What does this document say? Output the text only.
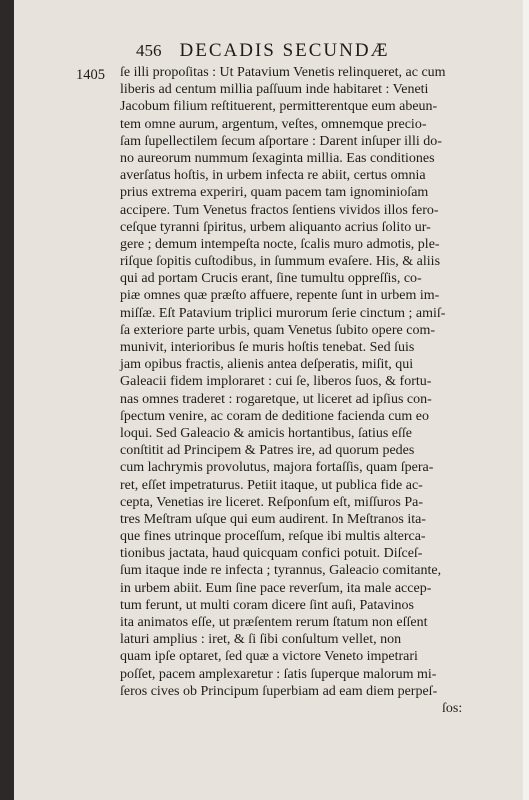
456 DECADIS SECUNDÆ
1405 ſe illi propoſitas : Ut Patavium Venetis relinqueret, ac cum
liberis ad centum millia paſſuum inde habitaret : Veneti
Jacobum filium reſtituerent, permitterentque eum abeun-
tem omne aurum, argentum, veſtes, omnemque precio-
ſam ſupellectilem ſecum aſportare : Darent inſuper illi do-
no aureorum nummum ſexaginta millia. Eas conditiones
averſatus hoſtis, in urbem infecta re abiit, certus omnia
prius extrema experiri, quam pacem tam ignominioſam
accipere. Tum Venetus fractos ſentiens vividos illos fero-
ceſque tyranni ſpiritus, urbem aliquanto acrius ſolito ur-
gere ; demum intempeſta nocte, ſcalis muro admotis, ple-
riſque ſopitis cuſtodibus, in ſummum evaſere. His, & aliis
qui ad portam Crucis erant, ſine tumultu oppreſſis, co-
piæ omnes quæ præſto affuere, repente ſunt in urbem im-
miſſæ. Eſt Patavium triplici murorum ſerie cinctum ; amiſ-
ſa exteriore parte urbis, quam Venetus ſubito opere com-
munivit, interioribus ſe muris hoſtis tenebat. Sed ſuis
jam opibus fractis, alienis antea deſperatis, miſit, qui
Galeacii fidem imploraret : cui ſe, liberos ſuos, & fortu-
nas omnes traderet : rogaretque, ut liceret ad ipſius con-
ſpectum venire, ac coram de deditione facienda cum eo
loqui. Sed Galeacio & amicis hortantibus, ſatius eſſe
conſtitit ad Principem & Patres ire, ad quorum pedes
cum lachrymis provolutus, majora fortaſſis, quam ſpera-
ret, eſſet impetraturus. Petiit itaque, ut publica fide ac-
cepta, Venetias ire liceret. Reſponſum eſt, miſſuros Pa-
tres Meſtram uſque qui eum audirent. In Meſtranos ita-
que fines utrinque proceſſum, reſque ibi multis alterca-
tionibus jactata, haud quicquam confici potuit. Diſceſ-
ſum itaque inde re infecta ; tyrannus, Galeacio comitante,
in urbem abiit. Eum ſine pace reverſum, ita male accep-
tum ferunt, ut multi coram dicere ſint auſi, Patavinos
ita animatos eſſe, ut præſentem rerum ſtatum non eſſent
laturi amplius : iret, & ſi ſibi conſultum vellet, non
quam ipſe optaret, ſed quæ a victore Veneto impetrari
poſſet, pacem amplexaretur : ſatis ſuperque malorum mi-
ſeros cives ob Principum ſuperbiam ad eam diem perpeſ-
ſos:
